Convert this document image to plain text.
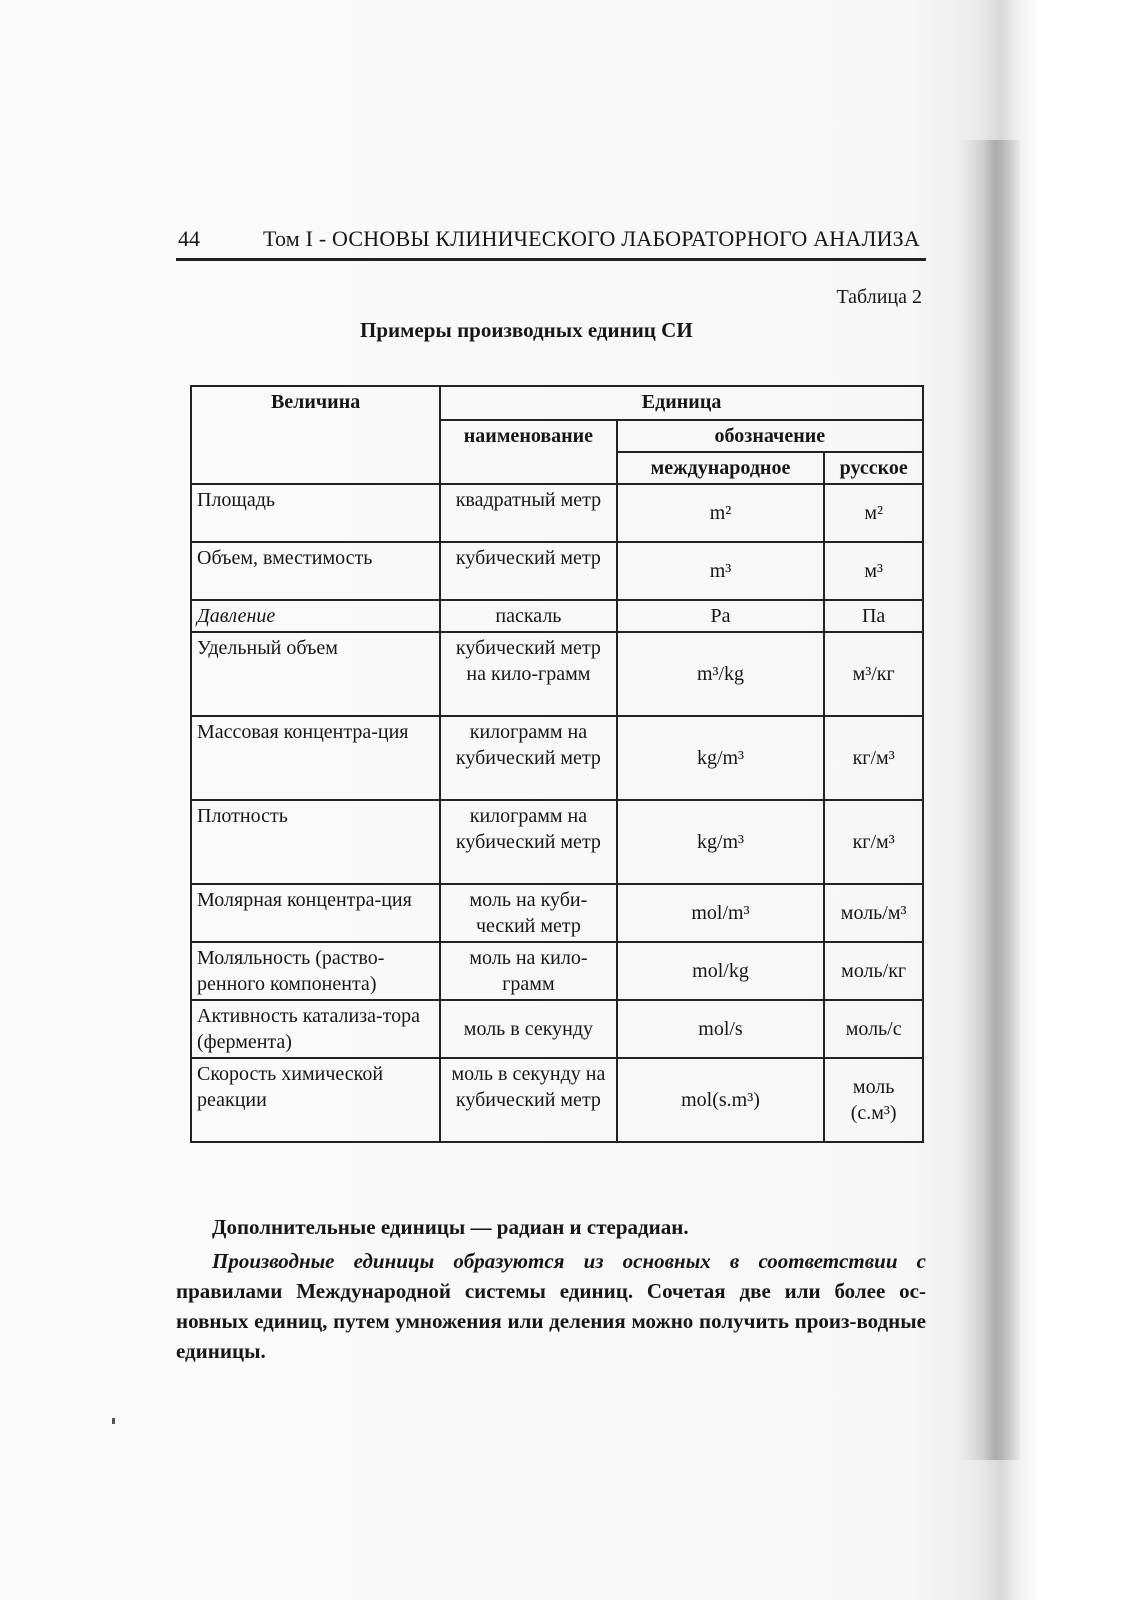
44	Том I - ОСНОВЫ КЛИНИЧЕСКОГО ЛАБОРАТОРНОГО АНАЛИЗА
Таблица 2
Примеры производных единиц СИ
Величина	Единица		
	наименование	обозначение	
		международное	русское
Площадь	квадратный метр	m²	м²
Объем, вместимость	кубический метр	m³	м³
Давление	паскаль	Pa	Па
Удельный объем	кубический метр на кило-грамм	m³/kg	м³/кг
Массовая концентра-ция	килограмм на кубический метр	kg/m³	кг/м³
Плотность	килограмм на кубический метр	kg/m³	кг/м³
Молярная концентра-ция	моль на куби-ческий метр	mol/m³	моль/м³
Моляльность (раство-ренного компонента)	моль на кило-грамм	mol/kg	моль/кг
Активность катализа-тора (фермента)	моль в секунду	mol/s	моль/с
Скорость химической реакции	моль в секунду на кубический метр	mol(s.m³)	моль (с.м³)
Дополнительные единицы — радиан и стерадиан.
Производные единицы образуются из основных в соответствии с правилами Международной системы единиц. Сочетая две или более ос-новных единиц, путем умножения или деления можно получить произ-водные единицы.
